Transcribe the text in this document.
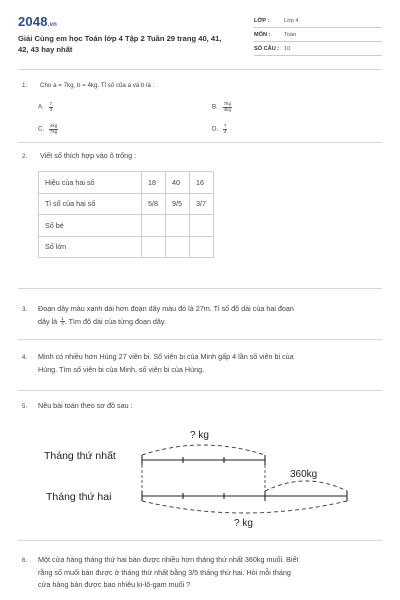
2048.vn
Giải Cùng em học Toán lớp 4 Tập 2 Tuần 29 trang 40, 41, 42, 43 hay nhất
LỚP :	Lớp 4
MÔN : Toán
SỐ CÂU : 10
1. Cho a = 7kg, b = 4kg. Tỉ số của a và b là :
A. $\frac{7}{3}$	B. $\frac{7kg}{4kg}$
C. $\frac{4kg}{7kg}$	D. $\frac{7}{4}$
2. Viết số thích hợp vào ô trống :
Hiệu của hai số	18	40	16
Tỉ số của hai số	5/8	9/5	3/7
Số bé			
Số lớn			
3. Đoạn dây màu xanh dài hơn đoạn dây màu đỏ là 27m. Tỉ số độ dài của hai đoạn
dây là $\frac{1}{4}$ . Tìm độ dài của từng đoạn dây.
4. Minh có nhiều hơn Hùng 27 viên bi. Số viên bi của Minh gấp 4 lần số viên bi của
Hùng. Tìm số viên bi của Minh, số viên bi của Hùng.
5. Nêu bài toán theo sơ đồ sau :
? kg
Tháng thứ nhất
Tháng thứ hai
360kg
? kg
6. Một cửa hàng tháng thứ hai bán được nhiều hơn tháng thứ nhất 360kg muối. Biết
rằng số muối bán được ở tháng thứ nhất bằng 3/5 tháng thứ hai. Hỏi mỗi tháng
cửa hàng bán được bao nhiêu ki-lô-gam muối ?
